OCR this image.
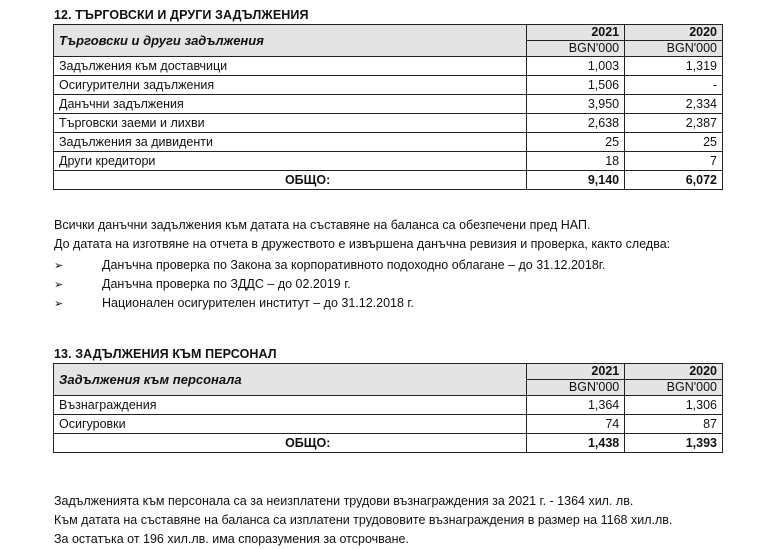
12. ТЪРГОВСКИ И ДРУГИ ЗАДЪЛЖЕНИЯ
Търговски и други задължения	2021	2020
	BGN'000	BGN'000
Задължения към доставчици	1,003	1,319
Осигурителни задължения	1,506	-
Данъчни задължения	3,950	2,334
Търговски заеми и лихви	2,638	2,387
Задължения за дивиденти	25	25
Други кредитори	18	7
ОБЩО:	9,140	6,072
Всички данъчни задължения към датата на съставяне на баланса са обезпечени пред НАП.
До датата на изготвяне на отчета в дружеството е извършена данъчна ревизия и проверка, както следва:
➢	Данъчна проверка по Закона за корпоративното подоходно облагане – до 31.12.2018г.
➢	Данъчна проверка по ЗДДС – до 02.2019 г.
➢	Национален осигурителен институт – до 31.12.2018 г.
13. ЗАДЪЛЖЕНИЯ КЪМ ПЕРСОНАЛ
Задължения към персонала	2021	2020
	BGN'000	BGN'000
Възнаграждения	1,364	1,306
Осигуровки	74	87
ОБЩО:	1,438	1,393
Задълженията към персонала са за неизплатени трудови възнаграждения за 2021 г. - 1364 хил. лв.
Към датата на съставяне на баланса са изплатени трудововите възнаграждения в размер на 1168 хил.лв.
За остатъка от 196 хил.лв. има споразумения за отсрочване.
